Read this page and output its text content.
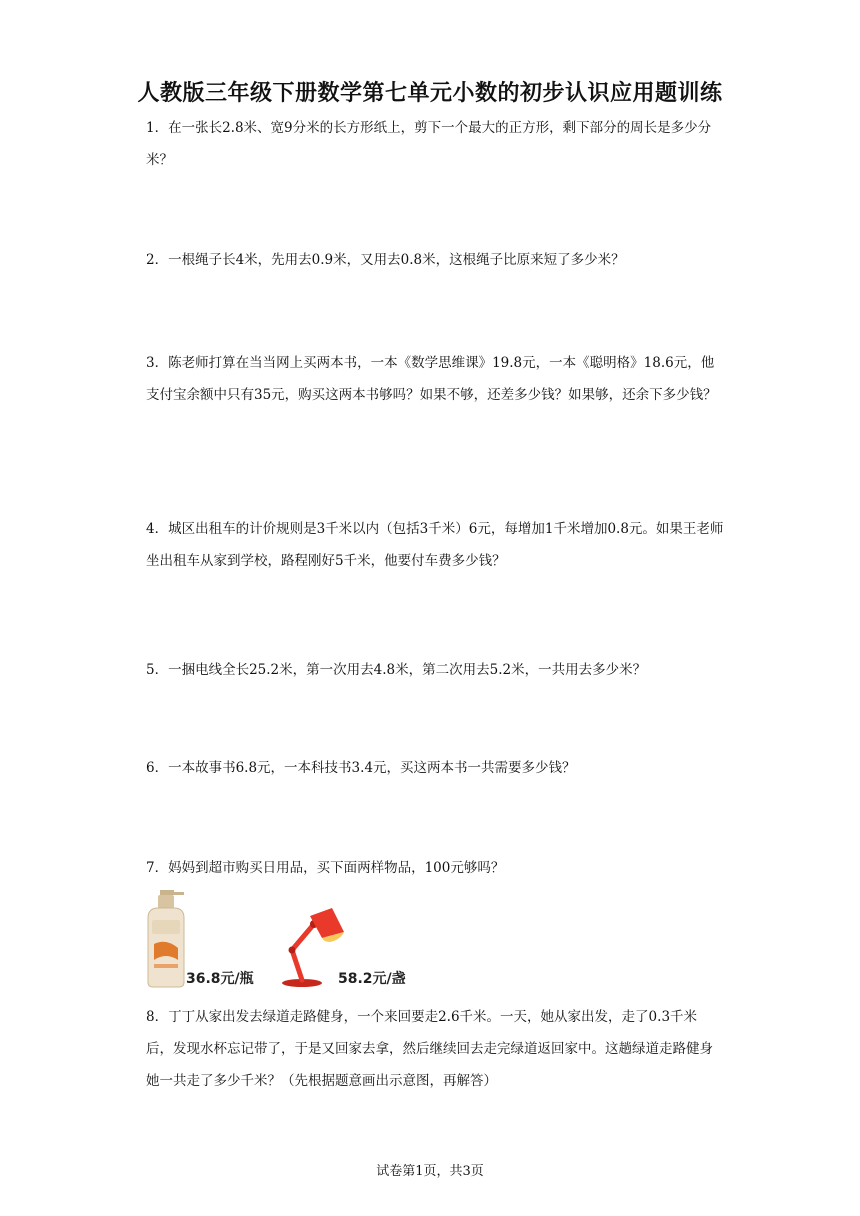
人教版三年级下册数学第七单元小数的初步认识应用题训练

1．在一张长2.8米、宽9分米的长方形纸上，剪下一个最大的正方形，剩下部分的周长是多少分米？

2．一根绳子长4米，先用去0.9米，又用去0.8米，这根绳子比原来短了多少米？

3．陈老师打算在当当网上买两本书，一本《数学思维课》19.8元，一本《聪明格》18.6元，他支付宝余额中只有35元，购买这两本书够吗？如果不够，还差多少钱？如果够，还余下多少钱？

4．城区出租车的计价规则是3千米以内（包括3千米）6元，每增加1千米增加0.8元。如果王老师坐出租车从家到学校，路程刚好5千米，他要付车费多少钱？

5．一捆电线全长25.2米，第一次用去4.8米，第二次用去5.2米，一共用去多少米？

6．一本故事书6.8元，一本科技书3.4元，买这两本书一共需要多少钱？

7．妈妈到超市购买日用品，买下面两样物品，100元够吗？

36.8元/瓶	58.2元/盏

8．丁丁从家出发去绿道走路健身，一个来回要走2.6千米。一天，她从家出发，走了0.3千米后，发现水杯忘记带了，于是又回家去拿，然后继续回去走完绿道返回家中。这趟绿道走路健身她一共走了多少千米？（先根据题意画出示意图，再解答）

试卷第1页，共3页
